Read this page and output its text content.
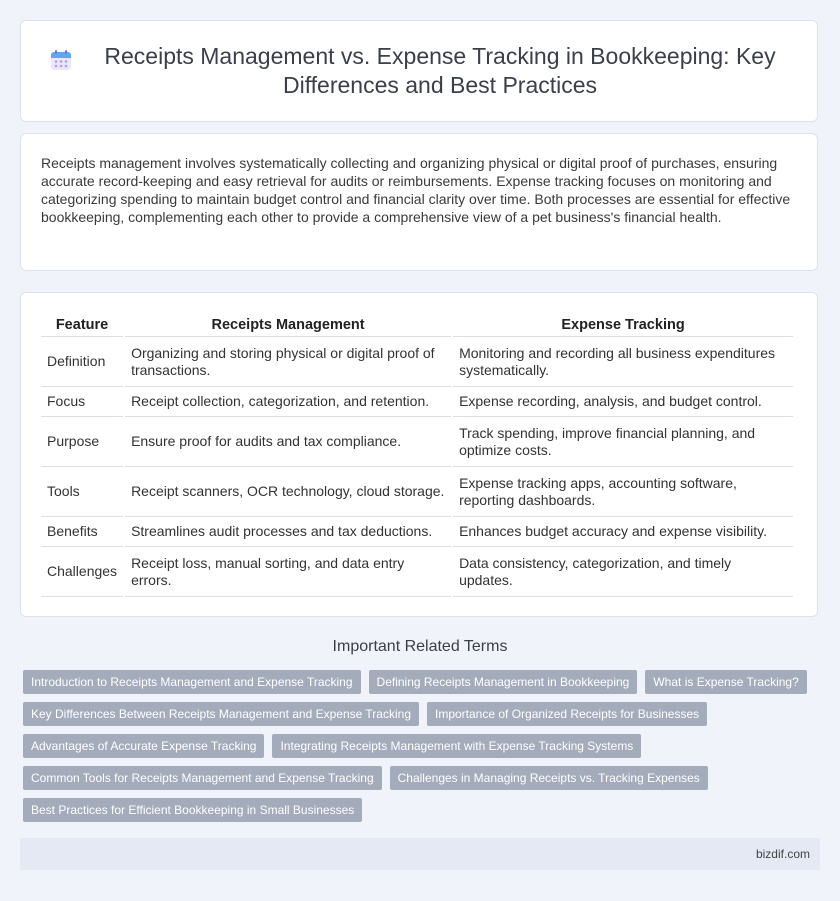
Receipts Management vs. Expense Tracking in Bookkeeping: Key Differences and Best Practices

Receipts management involves systematically collecting and organizing physical or digital proof of purchases, ensuring accurate record-keeping and easy retrieval for audits or reimbursements. Expense tracking focuses on monitoring and categorizing spending to maintain budget control and financial clarity over time. Both processes are essential for effective bookkeeping, complementing each other to provide a comprehensive view of a pet business's financial health.

Feature	Receipts Management	Expense Tracking
Definition	Organizing and storing physical or digital proof of transactions.	Monitoring and recording all business expenditures systematically.
Focus	Receipt collection, categorization, and retention.	Expense recording, analysis, and budget control.
Purpose	Ensure proof for audits and tax compliance.	Track spending, improve financial planning, and optimize costs.
Tools	Receipt scanners, OCR technology, cloud storage.	Expense tracking apps, accounting software, reporting dashboards.
Benefits	Streamlines audit processes and tax deductions.	Enhances budget accuracy and expense visibility.
Challenges	Receipt loss, manual sorting, and data entry errors.	Data consistency, categorization, and timely updates.
Important Related Terms
Introduction to Receipts Management and Expense Tracking	Defining Receipts Management in Bookkeeping	What is Expense Tracking?
Key Differences Between Receipts Management and Expense Tracking	Importance of Organized Receipts for Businesses
Advantages of Accurate Expense Tracking	Integrating Receipts Management with Expense Tracking Systems
Common Tools for Receipts Management and Expense Tracking	Challenges in Managing Receipts vs. Tracking Expenses
Best Practices for Efficient Bookkeeping in Small Businesses
bizdif.com
